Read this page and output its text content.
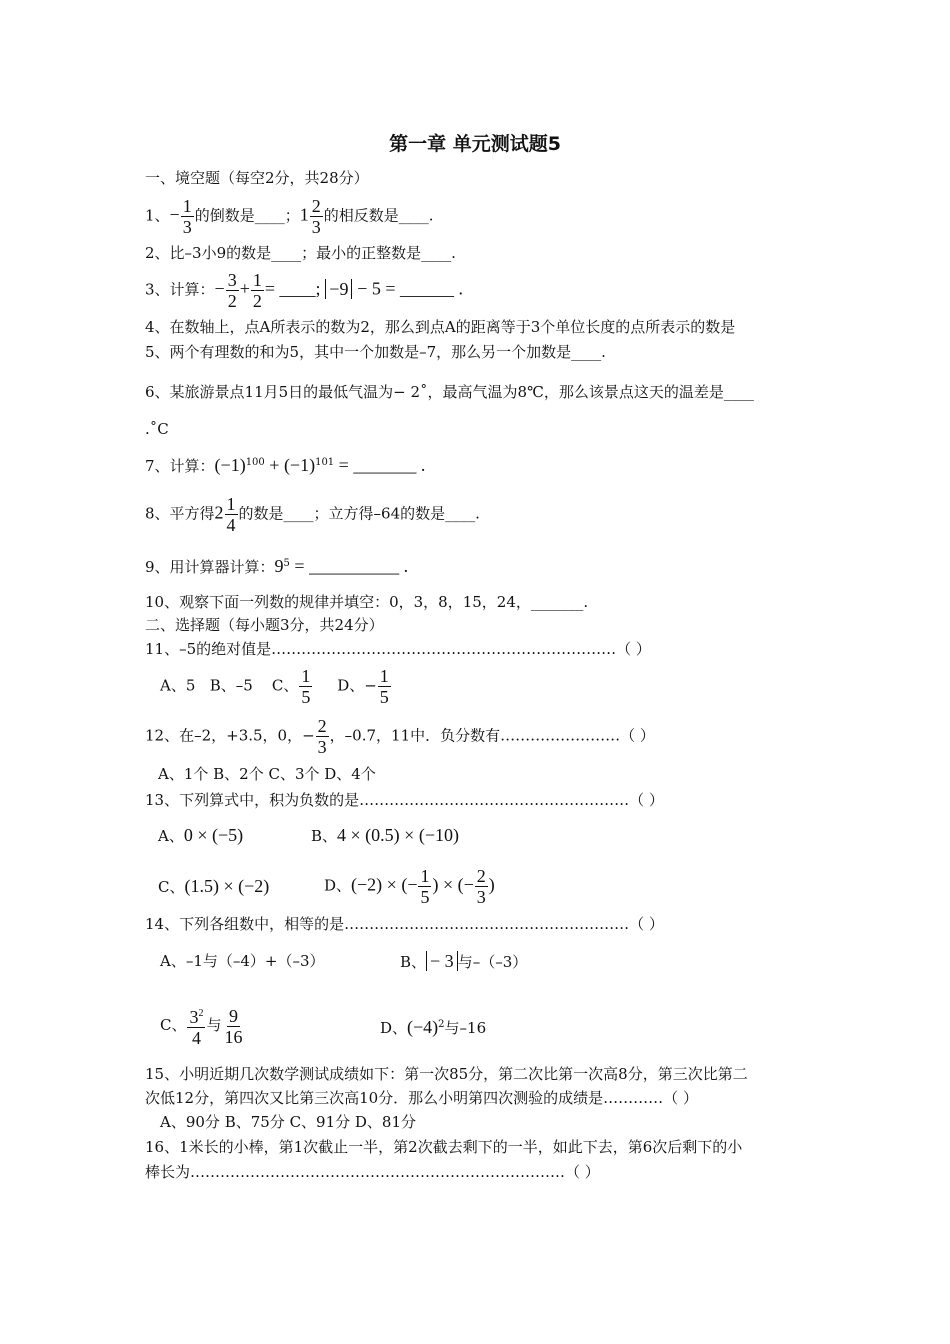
第一章 单元测试题5
一、境空题（每空2分，共28分）
1、− $\frac{1}{3}$ 的倒数是____；$1 \frac{2}{3}$ 的相反数是____.
2、比–3小9的数是____；最小的正整数是____.
3、计算：− $\frac{3}{2} + \frac{1}{2}$ = ____; −9 − 5 = ______ .
4、在数轴上，点A所表示的数为2，那么到点A的距离等于3个单位长度的点所表示的数是
5、两个有理数的和为5，其中一个加数是–7，那么另一个加数是____.
6、某旅游景点11月5日的最低气温为− 2˚，最高气温为8℃，那么该景点这天的温差是____
.˚C
7、计算：$(-1)^{100} + (-1)^{101}$ = _______ .
8、平方得$2 \frac{1}{4}$ 的数是____；立方得–64的数是____.
9、用计算器计算：$9^5$ = __________ .
10、观察下面一列数的规律并填空：0，3，8，15，24，_______.
二、选择题（每小题3分，共24分）
11、–5的绝对值是……………………………………………………………（ ）
A、5 B、–5 C、 $\frac{1}{5}$ D、− $\frac{1}{5}$
12、在–2，+3.5，0，− $\frac{2}{3}$ ，–0.7，11中．负分数有……………………（ ）
A、1个 B、2个 C、3个 D、4个
13、下列算式中，积为负数的是………………………………………………（ ）
A、0 × (−5)	B、4 × (0.5) × (−10)
C、(1.5) × (−2)	D、(−2) × (− $\frac{1}{5}$ ) × (− $\frac{2}{3}$ )
14、下列各组数中，相等的是…………………………………………………（ ）
A、–1与（–4）+（–3）	B、 − 3 与–（–3）
C、 $\frac{3^2}{4}$ 与 $\frac{9}{16}$	D、$(-4)^2$与–16
15、小明近期几次数学测试成绩如下：第一次85分，第二次比第一次高8分，第三次比第二
次低12分，第四次又比第三次高10分．那么小明第四次测验的成绩是…………（ ）
A、90分 B、75分 C、91分 D、81分
16、1米长的小棒，第1次截止一半，第2次截去剩下的一半，如此下去，第6次后剩下的小
棒长为…………………………………………………………………（ ）
